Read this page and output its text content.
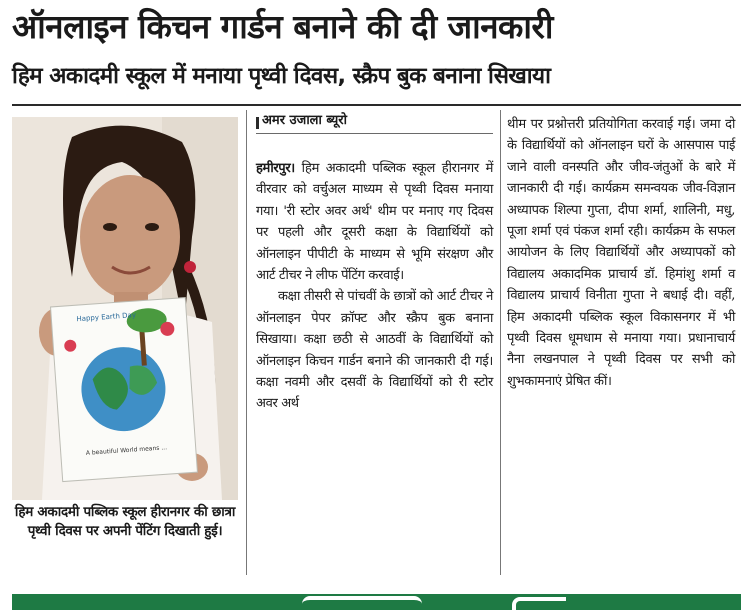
ऑनलाइन किचन गार्डन बनाने की दी जानकारी
हिम अकादमी स्कूल में मनाया पृथ्वी दिवस, स्क्रैप बुक बनाना सिखाया
Happy Earth Day
A beautiful World means ...
हिम अकादमी पब्लिक स्कूल हीरानगर की छात्रा पृथ्वी दिवस पर अपनी पेंटिंग दिखाती हुई।
अमर उजाला ब्यूरो

हमीरपुर। हिम अकादमी पब्लिक स्कूल हीरानगर में वीरवार को वर्चुअल माध्यम से पृथ्वी दिवस मनाया गया। 'री स्टोर अवर अर्थ' थीम पर मनाए गए दिवस पर पहली और दूसरी कक्षा के विद्यार्थियों को ऑनलाइन पीपीटी के माध्यम से भूमि संरक्षण और आर्ट टीचर ने लीफ पेंटिंग करवाई।

कक्षा तीसरी से पांचवीं के छात्रों को आर्ट टीचर ने ऑनलाइन पेपर क्रॉफ्ट और स्क्रैप बुक बनाना सिखाया। कक्षा छठी से आठवीं के विद्यार्थियों को ऑनलाइन किचन गार्डन बनाने की जानकारी दी गई। कक्षा नवमी और दसवीं के विद्यार्थियों को री स्टोर अवर अर्थ

थीम पर प्रश्नोत्तरी प्रतियोगिता करवाई गई। जमा दो के विद्यार्थियों को ऑनलाइन घरों के आसपास पाई जाने वाली वनस्पति और जीव-जंतुओं के बारे में जानकारी दी गई। कार्यक्रम समन्वयक जीव-विज्ञान अध्यापक शिल्पा गुप्ता, दीपा शर्मा, शालिनी, मधु, पूजा शर्मा एवं पंकज शर्मा रही। कार्यक्रम के सफल आयोजन के लिए विद्यार्थियों और अध्यापकों को विद्यालय अकादमिक प्राचार्य डॉ. हिमांशु शर्मा व विद्यालय प्राचार्य विनीता गुप्ता ने बधाई दी। वहीं, हिम अकादमी पब्लिक स्कूल विकासनगर में भी पृथ्वी दिवस धूमधाम से मनाया गया। प्रधानाचार्य नैना लखनपाल ने पृथ्वी दिवस पर सभी को शुभकामनाएं प्रेषित कीं।
